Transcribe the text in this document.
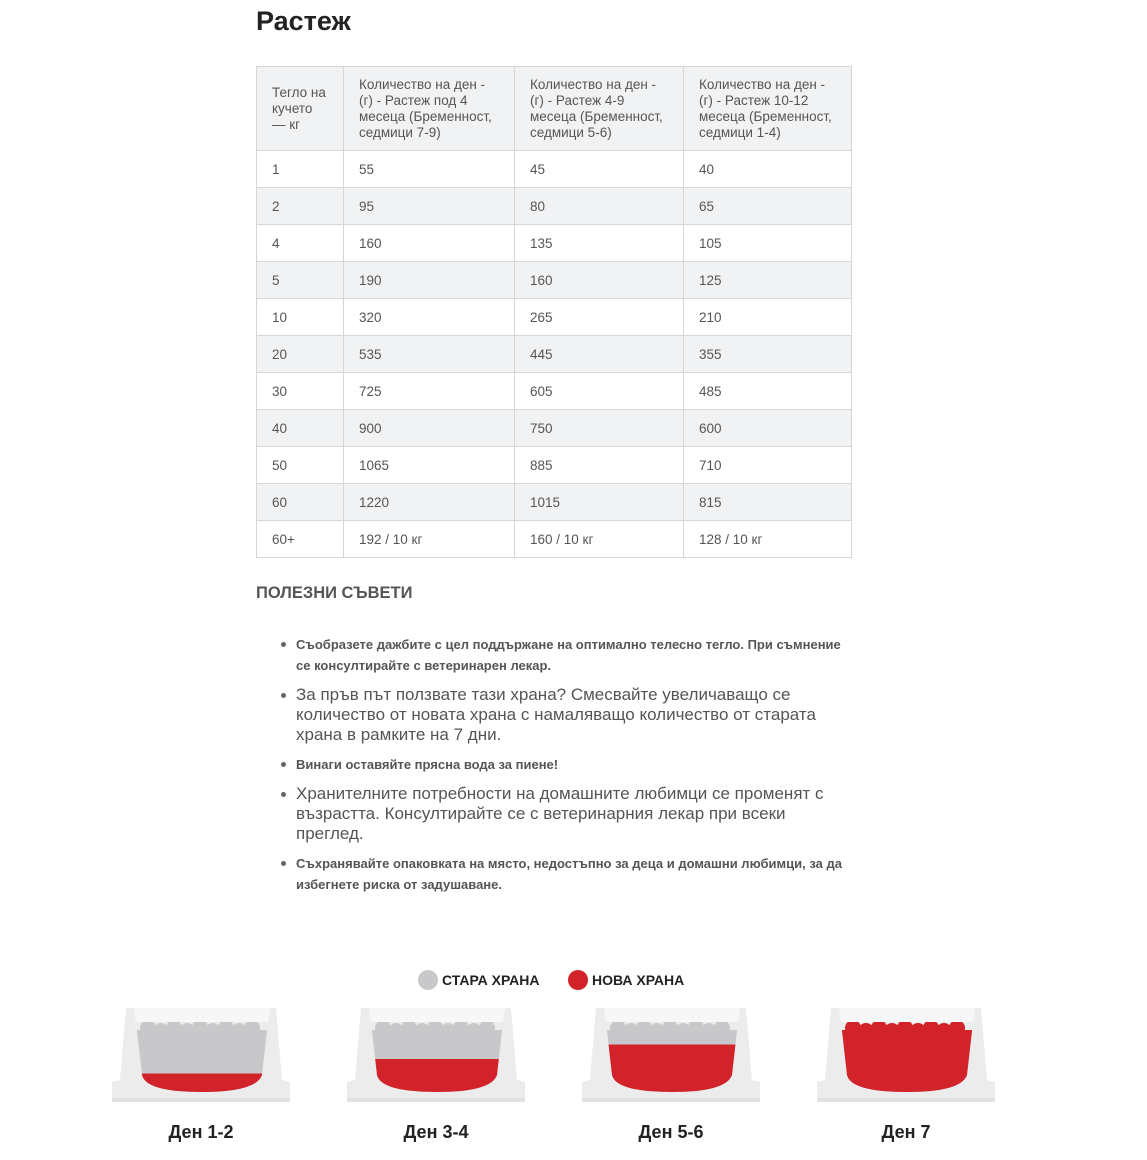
Растеж
Тегло на кучето — кг	Количество на ден - (г) - Растеж под 4 месеца (Бременност, седмици 7-9)	Количество на ден - (г) - Растеж 4-9 месеца (Бременност, седмици 5-6)	Количество на ден - (г) - Растеж 10-12 месеца (Бременност, седмици 1-4)
1	55	45	40
2	95	80	65
4	160	135	105
5	190	160	125
10	320	265	210
20	535	445	355
30	725	605	485
40	900	750	600
50	1065	885	710
60	1220	1015	815
60+	192 / 10 кг	160 / 10 кг	128 / 10 кг
ПОЛЕЗНИ СЪВЕТИ
Съобразете дажбите с цел поддържане на оптимално телесно тегло. При съмнение се консултирайте с ветеринарен лекар.
За пръв път ползвате тази храна? Смесвайте увеличаващо се количество от новата храна с намаляващо количество от старата храна в рамките на 7 дни.
Винаги оставяйте прясна вода за пиене!
Хранителните потребности на домашните любимци се променят с възрастта. Консултирайте се с ветеринарния лекар при всеки преглед.
Съхранявайте опаковката на място, недостъпно за деца и домашни любимци, за да избегнете риска от задушаване.
СТАРА ХРАНА	НОВА ХРАНА
Ден 1-2	Ден 3-4	Ден 5-6	Ден 7
